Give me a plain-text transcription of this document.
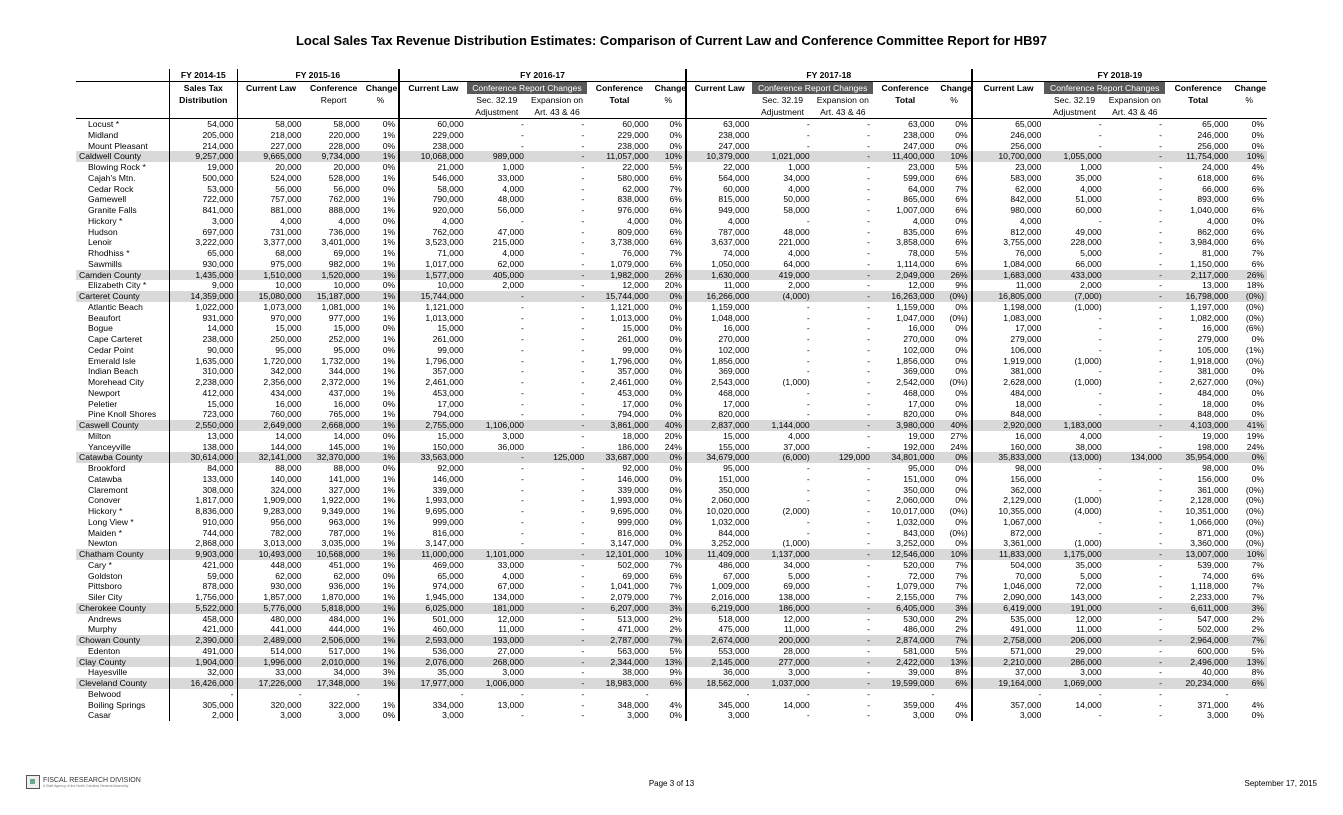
Local Sales Tax Revenue Distribution Estimates: Comparison of Current Law and Conference Committee Report for HB97
	FY 2014-15	FY 2015-16			FY 2016-17					FY 2017-18					FY 2018-19				
	Sales Tax	Current Law	Conference	Change	Current Law	Conference Report Changes		Conference	Change	Current Law	Conference Report Changes		Conference	Change	Current Law	Conference Report Changes		Conference	Change
	Distribution		Report	%		Sec. 32.19	Expansion on	Total	%		Sec. 32.19	Expansion on	Total	%		Sec. 32.19	Expansion on	Total	%
						Adjustment	Art. 43 & 46				Adjustment	Art. 43 & 46				Adjustment	Art. 43 & 46		
Locust *	54,000	58,000	58,000	0%	60,000	-	-	60,000	0%	63,000	-	-	63,000	0%	65,000	-	-	65,000	0%
Midland	205,000	218,000	220,000	1%	229,000	-	-	229,000	0%	238,000	-	-	238,000	0%	246,000	-	-	246,000	0%
Mount Pleasant	214,000	227,000	228,000	0%	238,000	-	-	238,000	0%	247,000	-	-	247,000	0%	256,000	-	-	256,000	0%
Caldwell County	9,257,000	9,665,000	9,734,000	1%	10,068,000	989,000	-	11,057,000	10%	10,379,000	1,021,000	-	11,400,000	10%	10,700,000	1,055,000	-	11,754,000	10%
Blowing Rock *	19,000	20,000	20,000	0%	21,000	1,000	-	22,000	5%	22,000	1,000	-	23,000	5%	23,000	1,000	-	24,000	4%
Cajah's Mtn.	500,000	524,000	528,000	1%	546,000	33,000	-	580,000	6%	564,000	34,000	-	599,000	6%	583,000	35,000	-	618,000	6%
Cedar Rock	53,000	56,000	56,000	0%	58,000	4,000	-	62,000	7%	60,000	4,000	-	64,000	7%	62,000	4,000	-	66,000	6%
Gamewell	722,000	757,000	762,000	1%	790,000	48,000	-	838,000	6%	815,000	50,000	-	865,000	6%	842,000	51,000	-	893,000	6%
Granite Falls	841,000	881,000	888,000	1%	920,000	56,000	-	976,000	6%	949,000	58,000	-	1,007,000	6%	980,000	60,000	-	1,040,000	6%
Hickory *	3,000	4,000	4,000	0%	4,000	-	-	4,000	0%	4,000	-	-	4,000	0%	4,000	-	-	4,000	0%
Hudson	697,000	731,000	736,000	1%	762,000	47,000	-	809,000	6%	787,000	48,000	-	835,000	6%	812,000	49,000	-	862,000	6%
Lenoir	3,222,000	3,377,000	3,401,000	1%	3,523,000	215,000	-	3,738,000	6%	3,637,000	221,000	-	3,858,000	6%	3,755,000	228,000	-	3,984,000	6%
Rhodhiss *	65,000	68,000	69,000	1%	71,000	4,000	-	76,000	7%	74,000	4,000	-	78,000	5%	76,000	5,000	-	81,000	7%
Sawmills	930,000	975,000	982,000	1%	1,017,000	62,000	-	1,079,000	6%	1,050,000	64,000	-	1,114,000	6%	1,084,000	66,000	-	1,150,000	6%
Camden County	1,435,000	1,510,000	1,520,000	1%	1,577,000	405,000	-	1,982,000	26%	1,630,000	419,000	-	2,049,000	26%	1,683,000	433,000	-	2,117,000	26%
Elizabeth City *	9,000	10,000	10,000	0%	10,000	2,000	-	12,000	20%	11,000	2,000	-	12,000	9%	11,000	2,000	-	13,000	18%
Carteret County	14,359,000	15,080,000	15,187,000	1%	15,744,000	-	-	15,744,000	0%	16,266,000	(4,000)	-	16,263,000	(0%)	16,805,000	(7,000)	-	16,798,000	(0%)
Atlantic Beach	1,022,000	1,073,000	1,081,000	1%	1,121,000	-	-	1,121,000	0%	1,159,000	-	-	1,159,000	0%	1,198,000	(1,000)	-	1,197,000	(0%)
Beaufort	931,000	970,000	977,000	1%	1,013,000	-	-	1,013,000	0%	1,048,000	-	-	1,047,000	(0%)	1,083,000	-	-	1,082,000	(0%)
Bogue	14,000	15,000	15,000	0%	15,000	-	-	15,000	0%	16,000	-	-	16,000	0%	17,000	-	-	16,000	(6%)
Cape Carteret	238,000	250,000	252,000	1%	261,000	-	-	261,000	0%	270,000	-	-	270,000	0%	279,000	-	-	279,000	0%
Cedar Point	90,000	95,000	95,000	0%	99,000	-	-	99,000	0%	102,000	-	-	102,000	0%	106,000	-	-	105,000	(1%)
Emerald Isle	1,635,000	1,720,000	1,732,000	1%	1,796,000	-	-	1,796,000	0%	1,856,000	-	-	1,856,000	0%	1,919,000	(1,000)	-	1,918,000	(0%)
Indian Beach	310,000	342,000	344,000	1%	357,000	-	-	357,000	0%	369,000	-	-	369,000	0%	381,000	-	-	381,000	0%
Morehead City	2,238,000	2,356,000	2,372,000	1%	2,461,000	-	-	2,461,000	0%	2,543,000	(1,000)	-	2,542,000	(0%)	2,628,000	(1,000)	-	2,627,000	(0%)
Newport	412,000	434,000	437,000	1%	453,000	-	-	453,000	0%	468,000	-	-	468,000	0%	484,000	-	-	484,000	0%
Peletier	15,000	16,000	16,000	0%	17,000	-	-	17,000	0%	17,000	-	-	17,000	0%	18,000	-	-	18,000	0%
Pine Knoll Shores	723,000	760,000	765,000	1%	794,000	-	-	794,000	0%	820,000	-	-	820,000	0%	848,000	-	-	848,000	0%
Caswell County	2,550,000	2,649,000	2,668,000	1%	2,755,000	1,106,000	-	3,861,000	40%	2,837,000	1,144,000	-	3,980,000	40%	2,920,000	1,183,000	-	4,103,000	41%
Milton	13,000	14,000	14,000	0%	15,000	3,000	-	18,000	20%	15,000	4,000	-	19,000	27%	16,000	4,000	-	19,000	19%
Yanceyville	138,000	144,000	145,000	1%	150,000	36,000	-	186,000	24%	155,000	37,000	-	192,000	24%	160,000	38,000	-	198,000	24%
Catawba County	30,614,000	32,141,000	32,370,000	1%	33,563,000	-	125,000	33,687,000	0%	34,679,000	(6,000)	129,000	34,801,000	0%	35,833,000	(13,000)	134,000	35,954,000	0%
Brookford	84,000	88,000	88,000	0%	92,000	-	-	92,000	0%	95,000	-	-	95,000	0%	98,000	-	-	98,000	0%
Catawba	133,000	140,000	141,000	1%	146,000	-	-	146,000	0%	151,000	-	-	151,000	0%	156,000	-	-	156,000	0%
Claremont	308,000	324,000	327,000	1%	339,000	-	-	339,000	0%	350,000	-	-	350,000	0%	362,000	-	-	361,000	(0%)
Conover	1,817,000	1,909,000	1,922,000	1%	1,993,000	-	-	1,993,000	0%	2,060,000	-	-	2,060,000	0%	2,129,000	(1,000)	-	2,128,000	(0%)
Hickory *	8,836,000	9,283,000	9,349,000	1%	9,695,000	-	-	9,695,000	0%	10,020,000	(2,000)	-	10,017,000	(0%)	10,355,000	(4,000)	-	10,351,000	(0%)
Long View *	910,000	956,000	963,000	1%	999,000	-	-	999,000	0%	1,032,000	-	-	1,032,000	0%	1,067,000	-	-	1,066,000	(0%)
Maiden *	744,000	782,000	787,000	1%	816,000	-	-	816,000	0%	844,000	-	-	843,000	(0%)	872,000	-	-	871,000	(0%)
Newton	2,868,000	3,013,000	3,035,000	1%	3,147,000	-	-	3,147,000	0%	3,252,000	(1,000)	-	3,252,000	0%	3,361,000	(1,000)	-	3,360,000	(0%)
Chatham County	9,903,000	10,493,000	10,568,000	1%	11,000,000	1,101,000	-	12,101,000	10%	11,409,000	1,137,000	-	12,546,000	10%	11,833,000	1,175,000	-	13,007,000	10%
Cary *	421,000	448,000	451,000	1%	469,000	33,000	-	502,000	7%	486,000	34,000	-	520,000	7%	504,000	35,000	-	539,000	7%
Goldston	59,000	62,000	62,000	0%	65,000	4,000	-	69,000	6%	67,000	5,000	-	72,000	7%	70,000	5,000	-	74,000	6%
Pittsboro	878,000	930,000	936,000	1%	974,000	67,000	-	1,041,000	7%	1,009,000	69,000	-	1,079,000	7%	1,046,000	72,000	-	1,118,000	7%
Siler City	1,756,000	1,857,000	1,870,000	1%	1,945,000	134,000	-	2,079,000	7%	2,016,000	138,000	-	2,155,000	7%	2,090,000	143,000	-	2,233,000	7%
Cherokee County	5,522,000	5,776,000	5,818,000	1%	6,025,000	181,000	-	6,207,000	3%	6,219,000	186,000	-	6,405,000	3%	6,419,000	191,000	-	6,611,000	3%
Andrews	458,000	480,000	484,000	1%	501,000	12,000	-	513,000	2%	518,000	12,000	-	530,000	2%	535,000	12,000	-	547,000	2%
Murphy	421,000	441,000	444,000	1%	460,000	11,000	-	471,000	2%	475,000	11,000	-	486,000	2%	491,000	11,000	-	502,000	2%
Chowan County	2,390,000	2,489,000	2,506,000	1%	2,593,000	193,000	-	2,787,000	7%	2,674,000	200,000	-	2,874,000	7%	2,758,000	206,000	-	2,964,000	7%
Edenton	491,000	514,000	517,000	1%	536,000	27,000	-	563,000	5%	553,000	28,000	-	581,000	5%	571,000	29,000	-	600,000	5%
Clay County	1,904,000	1,996,000	2,010,000	1%	2,076,000	268,000	-	2,344,000	13%	2,145,000	277,000	-	2,422,000	13%	2,210,000	286,000	-	2,496,000	13%
Hayesville	32,000	33,000	34,000	3%	35,000	3,000	-	38,000	9%	36,000	3,000	-	39,000	8%	37,000	3,000	-	40,000	8%
Cleveland County	16,426,000	17,226,000	17,348,000	1%	17,977,000	1,006,000	-	18,983,000	6%	18,562,000	1,037,000	-	19,599,000	6%	19,164,000	1,069,000	-	20,234,000	6%
Belwood	-	-	-		-	-	-	-		-	-	-	-		-	-	-	-	
Boiling Springs	305,000	320,000	322,000	1%	334,000	13,000	-	348,000	4%	345,000	14,000	-	359,000	4%	357,000	14,000	-	371,000	4%
Casar	2,000	3,000	3,000	0%	3,000	-	-	3,000	0%	3,000	-	-	3,000	0%	3,000	-	-	3,000	0%
FISCAL RESEARCH DIVISION
A Staff Agency of the North Carolina General Assembly	Page 3 of 13	September 17, 2015
